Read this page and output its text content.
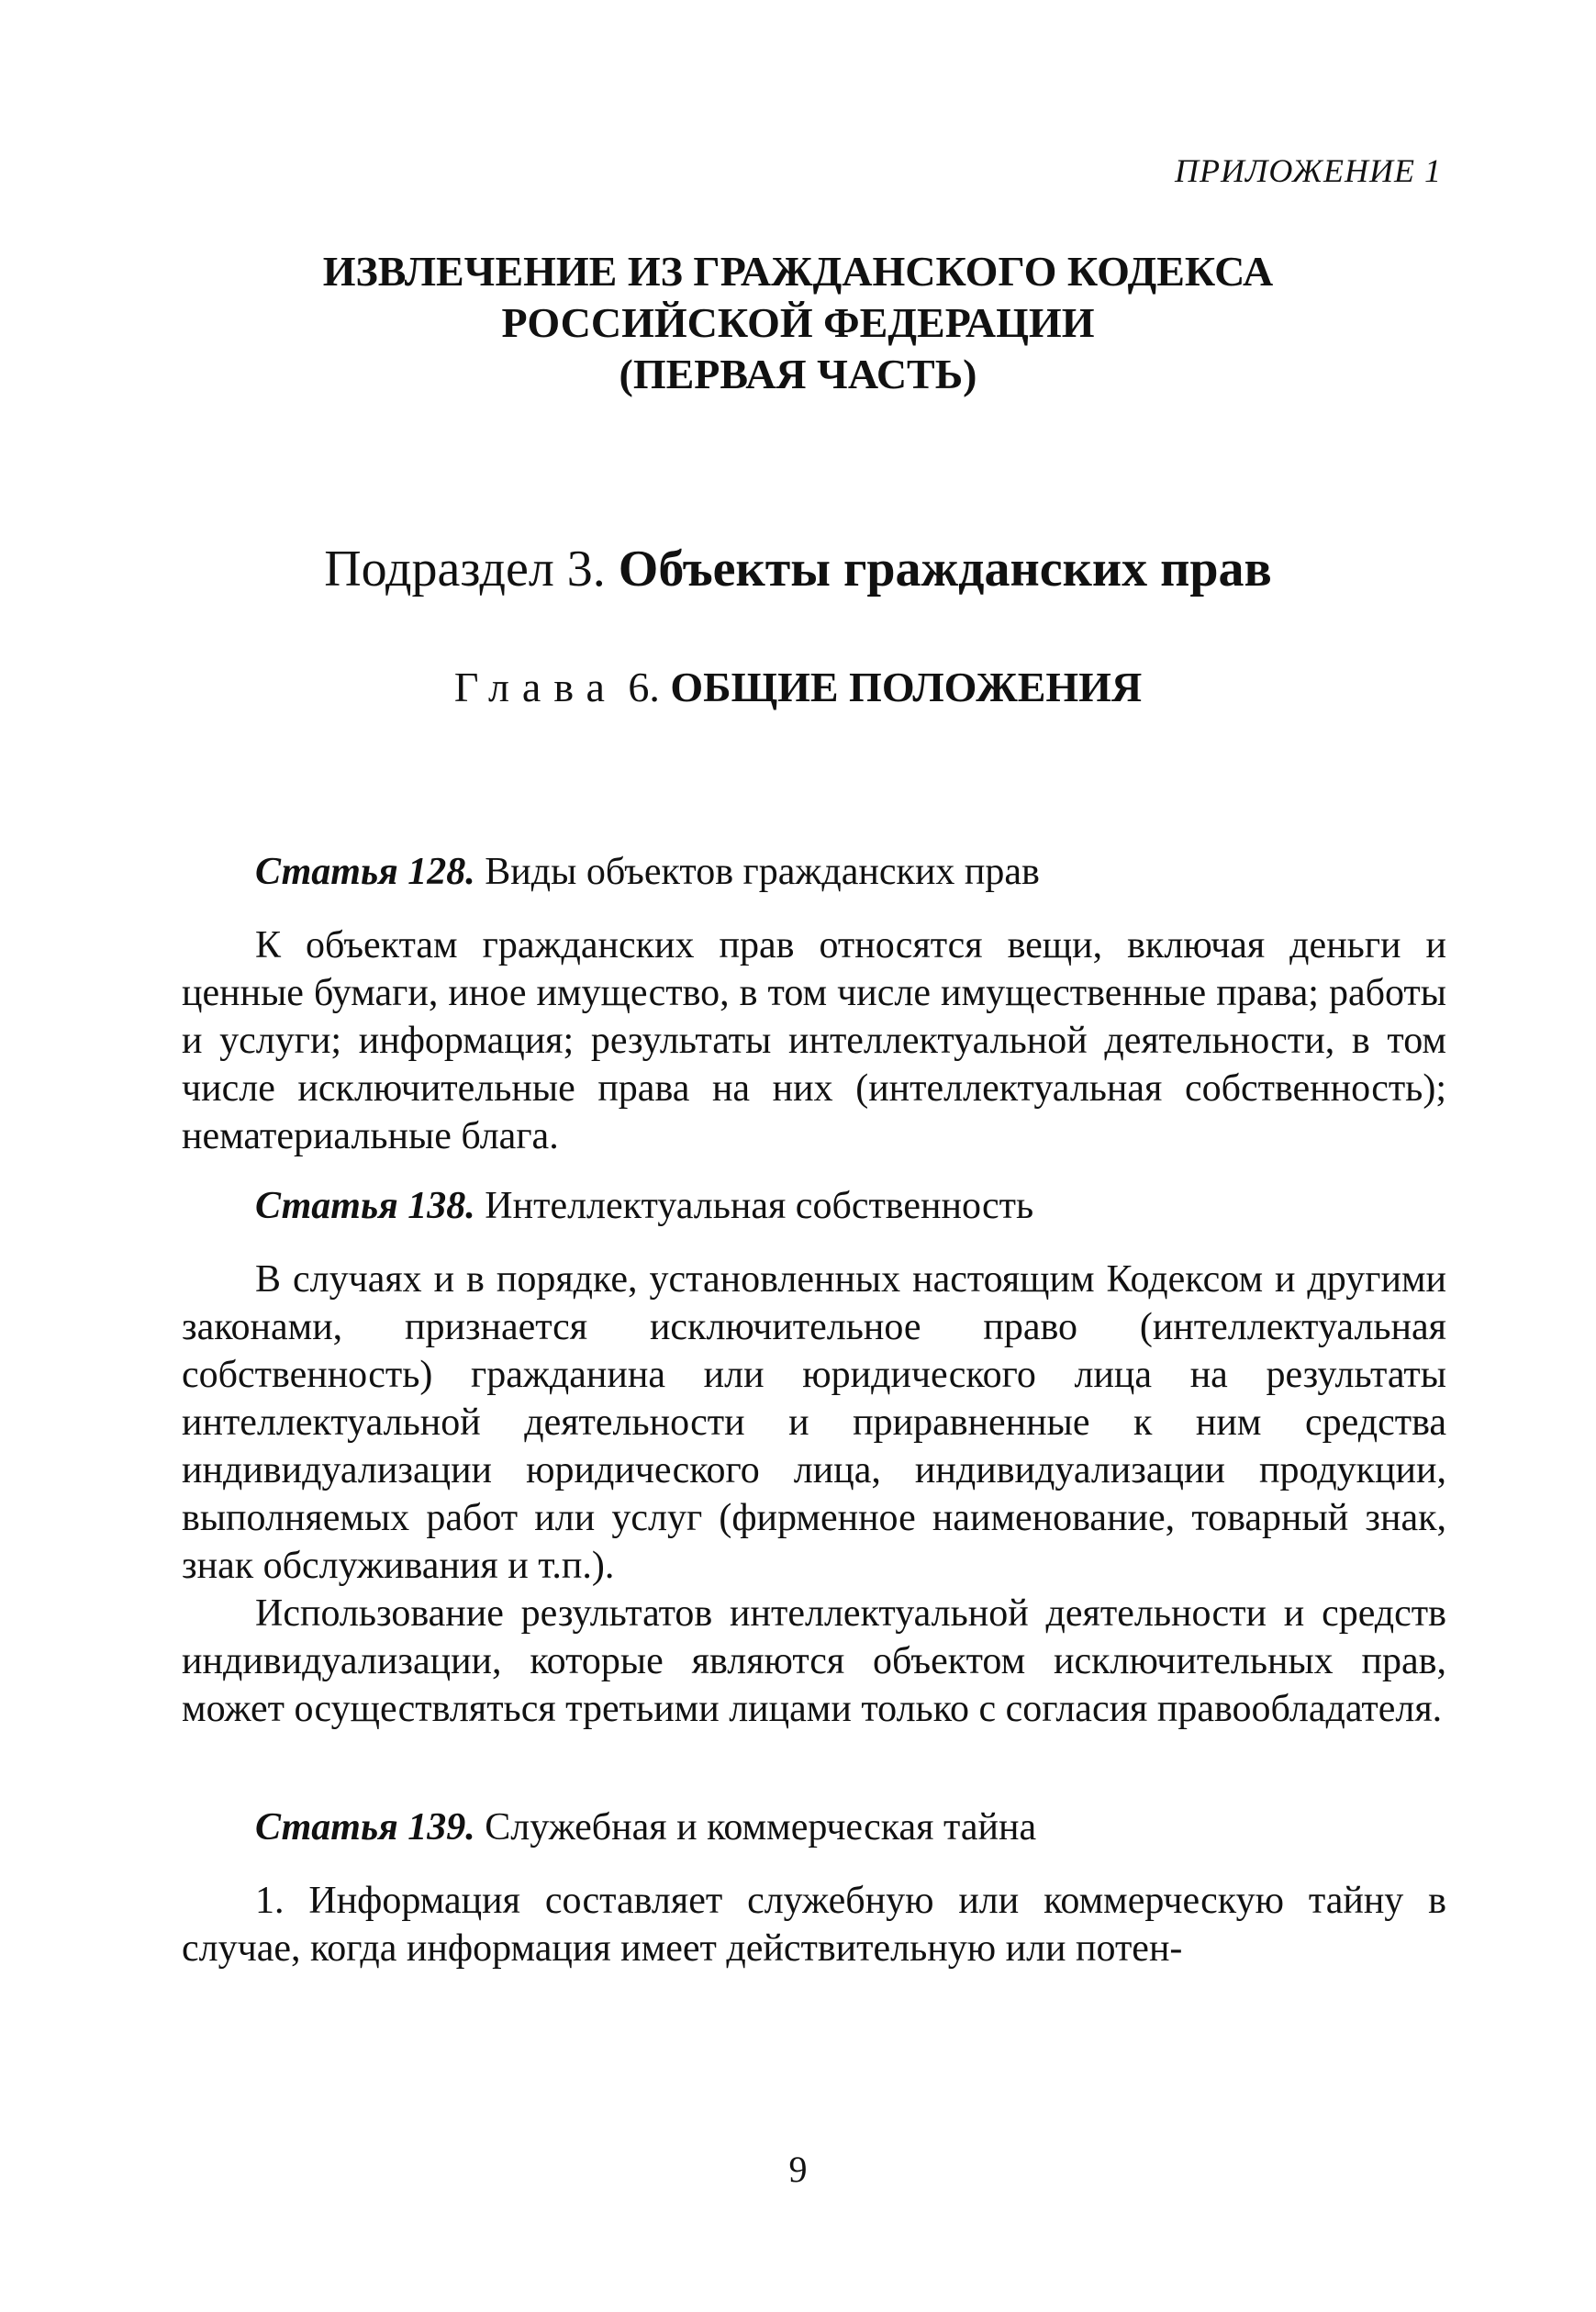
ПРИЛОЖЕНИЕ 1
ИЗВЛЕЧЕНИЕ ИЗ ГРАЖДАНСКОГО КОДЕКСА
РОССИЙСКОЙ ФЕДЕРАЦИИ
(ПЕРВАЯ ЧАСТЬ)
Подраздел 3. Объекты гражданских прав
Глава 6. ОБЩИЕ ПОЛОЖЕНИЯ

Статья 128. Виды объектов гражданских прав

К объектам гражданских прав относятся вещи, включая деньги и ценные бумаги, иное имущество, в том числе имущественные права; работы и услуги; информация; результаты интеллектуальной деятельности, в том числе исключительные права на них (интеллектуальная собственность); нематериальные блага.

Статья 138. Интеллектуальная собственность

В случаях и в порядке, установленных настоящим Кодексом и другими законами, признается исключительное право (интеллектуальная собственность) гражданина или юридического лица на результаты интеллектуальной деятельности и приравненные к ним средства индивидуализации юридического лица, индивидуализации продукции, выполняемых работ или услуг (фирменное наименование, товарный знак, знак обслуживания и т.п.).

Использование результатов интеллектуальной деятельности и средств индивидуализации, которые являются объектом исключительных прав, может осуществляться третьими лицами только с согласия правообладателя.

Статья 139. Служебная и коммерческая тайна

1. Информация составляет служебную или коммерческую тайну в случае, когда информация имеет действительную или потен-

9
